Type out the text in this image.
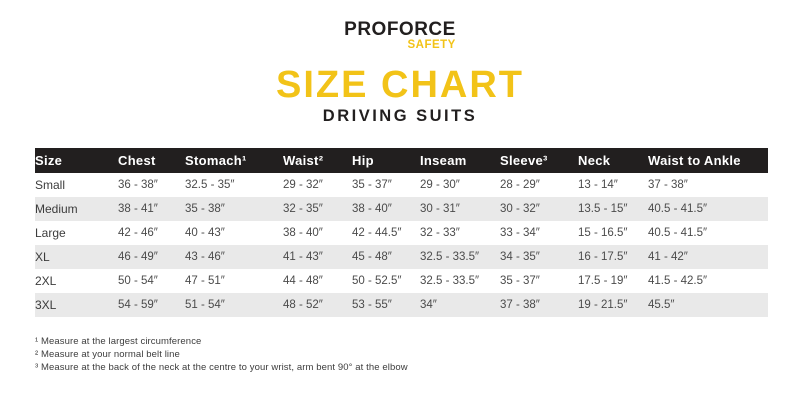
PROFORCE
SAFETY
SIZE CHART
DRIVING SUITS
Size	Chest	Stomach¹	Waist²	Hip	Inseam	Sleeve³	Neck	Waist to Ankle
Small	36 - 38″	32.5 - 35″	29 - 32″	35 - 37″	29 - 30″	28 - 29″	13 - 14″	37 - 38″
Medium	38 - 41″	35 - 38″	32 - 35″	38 - 40″	30 - 31″	30 - 32″	13.5 - 15″	40.5 - 41.5″
Large	42 - 46″	40 - 43″	38 - 40″	42 - 44.5″	32 - 33″	33 - 34″	15 - 16.5″	40.5 - 41.5″
XL	46 - 49″	43 - 46″	41 - 43″	45 - 48″	32.5 - 33.5″	34 - 35″	16 - 17.5″	41 - 42″
2XL	50 - 54″	47 - 51″	44 - 48″	50 - 52.5″	32.5 - 33.5″	35 - 37″	17.5 - 19″	41.5 - 42.5″
3XL	54 - 59″	51 - 54″	48 - 52″	53 - 55″	34″	37 - 38″	19 - 21.5″	45.5″
¹ Measure at the largest circumference
² Measure at your normal belt line
³ Measure at the back of the neck at the centre to your wrist, arm bent 90° at the elbow
